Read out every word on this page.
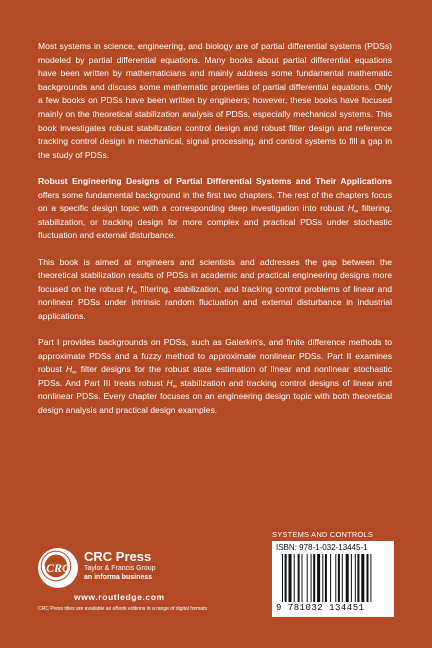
Most systems in science, engineering, and biology are of partial differential systems (PDSs) modeled by partial differential equations. Many books about partial differential equations have been written by mathematicians and mainly address some fundamental mathematic backgrounds and discuss some mathematic properties of partial differential equations. Only a few books on PDSs have been written by engineers; however, these books have focused mainly on the theoretical stabilization analysis of PDSs, especially mechanical systems. This book investigates robust stabilization control design and robust filter design and reference tracking control design in mechanical, signal processing, and control systems to fill a gap in the study of PDSs.

Robust Engineering Designs of Partial Differential Systems and Their Applications offers some fundamental background in the first two chapters. The rest of the chapters focus on a specific design topic with a corresponding deep investigation into robust $H_\infty$ filtering, stabilization, or tracking design for more complex and practical PDSs under stochastic fluctuation and external disturbance.

This book is aimed at engineers and scientists and addresses the gap between the theoretical stabilization results of PDSs in academic and practical engineering designs more focused on the robust $H_\infty$ filtering, stabilization, and tracking control problems of linear and nonlinear PDSs under intrinsic random fluctuation and external disturbance in industrial applications.

Part I provides backgrounds on PDSs, such as Galerkin's, and finite difference methods to approximate PDSs and a fuzzy method to approximate nonlinear PDSs. Part II examines robust $H_\infty$ filter designs for the robust state estimation of linear and nonlinear stochastic PDSs. And Part III treats robust $H_\infty$ stabilization and tracking control designs of linear and nonlinear PDSs. Every chapter focuses on an engineering design topic with both theoretical design analysis and practical design examples.

CRC
CRC Press
Taylor & Francis Group
an informa business
www.routledge.com
CRC Press titles are available as eBook editions in a range of digital formats
SYSTEMS AND CONTROLS
ISBN: 978-1-032-13445-1
9 781032 134451
